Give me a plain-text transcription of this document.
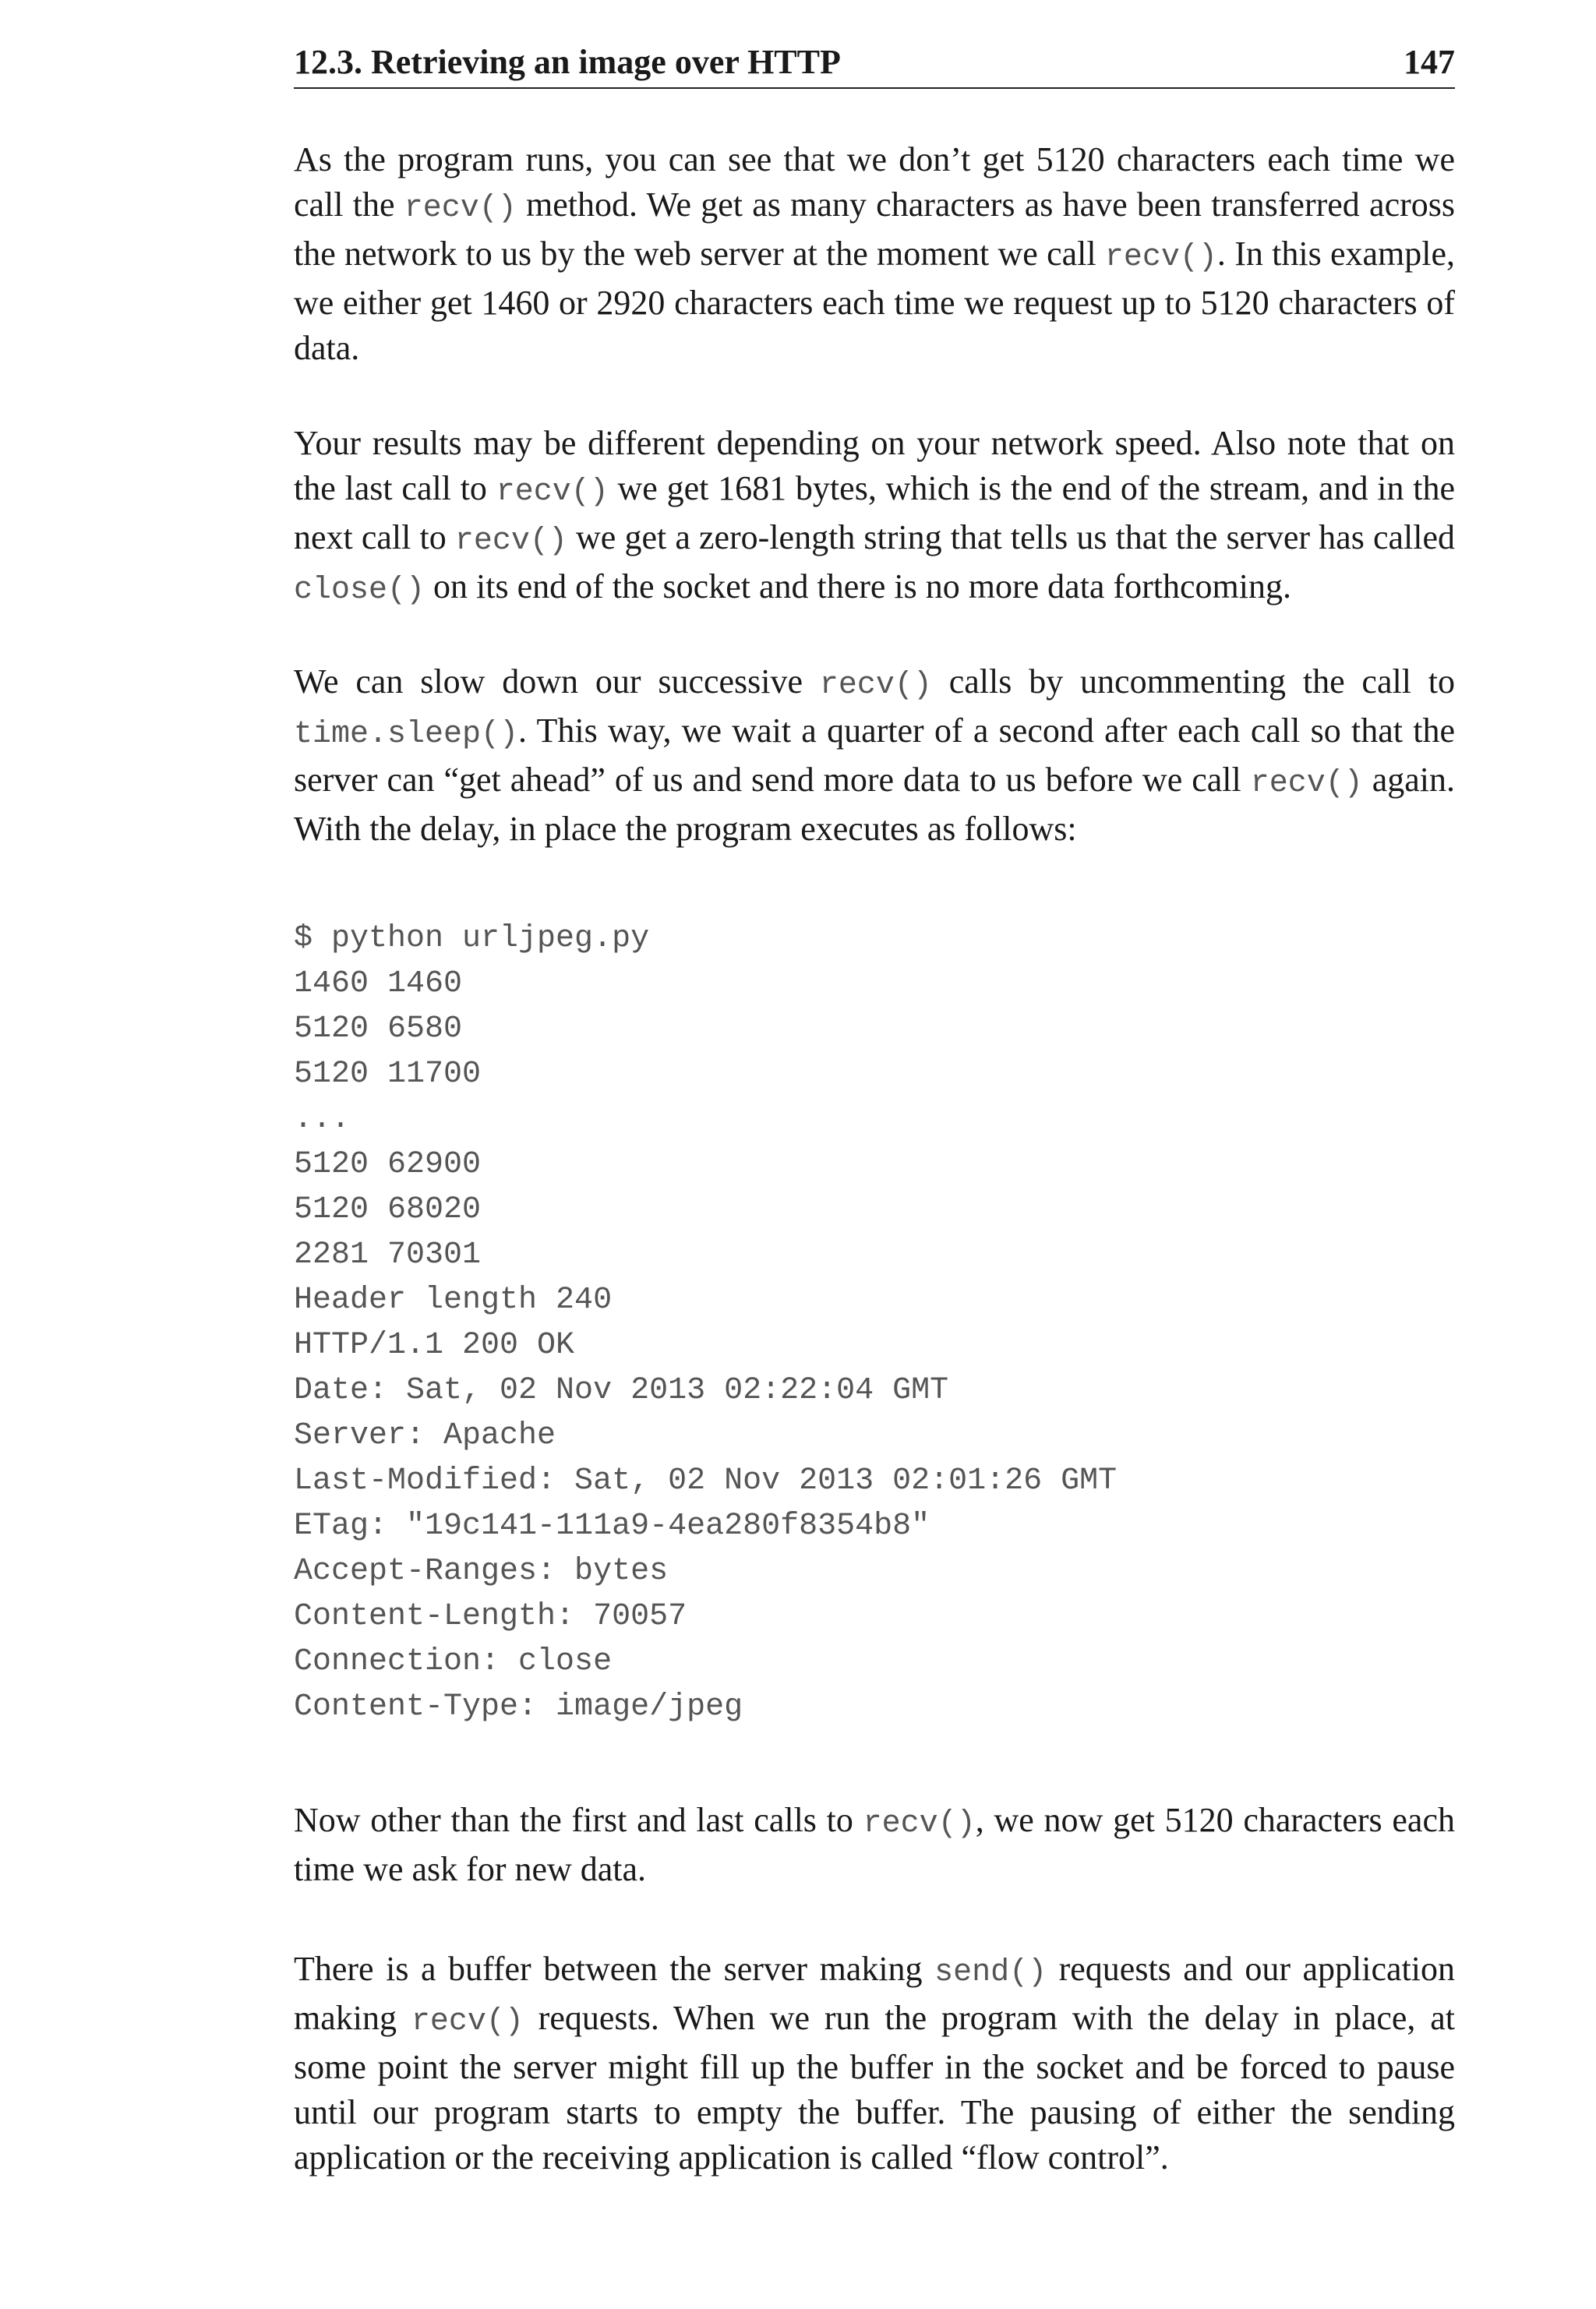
12.3. Retrieving an image over HTTP	147

As the program runs, you can see that we don’t get 5120 characters each time we call the recv() method. We get as many characters as have been transferred across the network to us by the web server at the moment we call recv(). In this example, we either get 1460 or 2920 characters each time we request up to 5120 characters of data.

Your results may be different depending on your network speed. Also note that on the last call to recv() we get 1681 bytes, which is the end of the stream, and in the next call to recv() we get a zero-length string that tells us that the server has called close() on its end of the socket and there is no more data forthcoming.

We can slow down our successive recv() calls by uncommenting the call to time.sleep(). This way, we wait a quarter of a second after each call so that the server can “get ahead” of us and send more data to us before we call recv() again. With the delay, in place the program executes as follows:

$ python urljpeg.py
1460 1460
5120 6580
5120 11700
...
5120 62900
5120 68020
2281 70301
Header length 240
HTTP/1.1 200 OK
Date: Sat, 02 Nov 2013 02:22:04 GMT
Server: Apache
Last-Modified: Sat, 02 Nov 2013 02:01:26 GMT
ETag: "19c141-111a9-4ea280f8354b8"
Accept-Ranges: bytes
Content-Length: 70057
Connection: close
Content-Type: image/jpeg

Now other than the first and last calls to recv(), we now get 5120 characters each time we ask for new data.

There is a buffer between the server making send() requests and our application making recv() requests. When we run the program with the delay in place, at some point the server might fill up the buffer in the socket and be forced to pause until our program starts to empty the buffer. The pausing of either the sending application or the receiving application is called “flow control”.
